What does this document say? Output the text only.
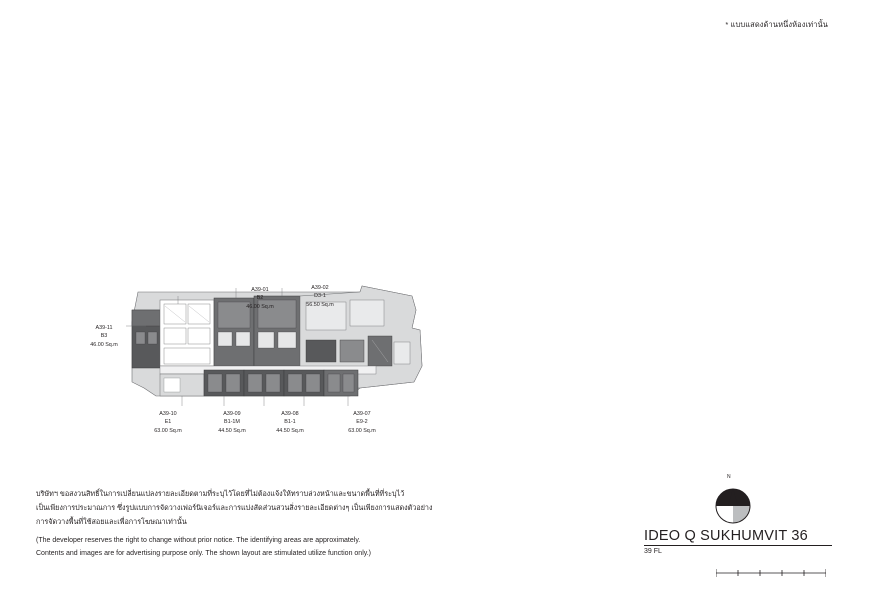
* แบบแสดงด้านหนึ่งห้องเท่านั้น
A39-01
B2
46.00 Sq.m
A39-02
D3-1
56.50 Sq.m
A39-11
B3
46.00 Sq.m
A39-10
E1
63.00 Sq.m
A39-09
B1-1M
44.50 Sq.m
A39-08
B1-1
44.50 Sq.m
A39-07
E9-2
63.00 Sq.m
บริษัทฯ ขอสงวนสิทธิ์ในการเปลี่ยนแปลงรายละเอียดตามที่ระบุไว้โดยที่ไม่ต้องแจ้งให้ทราบล่วงหน้าและขนาดพื้นที่ที่ระบุไว้
เป็นเพียงการประมาณการ ซึ่งรูปแบบการจัดวางเฟอร์นิเจอร์และการแบ่งสัดส่วนสวนสิ่งรายละเอียดต่างๆ เป็นเพียงการแสดงตัวอย่าง
การจัดวางพื้นที่ใช้สอยและเพื่อการโฆษณาเท่านั้น
(The developer reserves the right to change without prior notice. The identifying areas are approximately.
Contents and images are for advertising purpose only. The shown layout are stimulated utilize function only.)
N
IDEO Q SUKHUMVIT 36
39 FL
